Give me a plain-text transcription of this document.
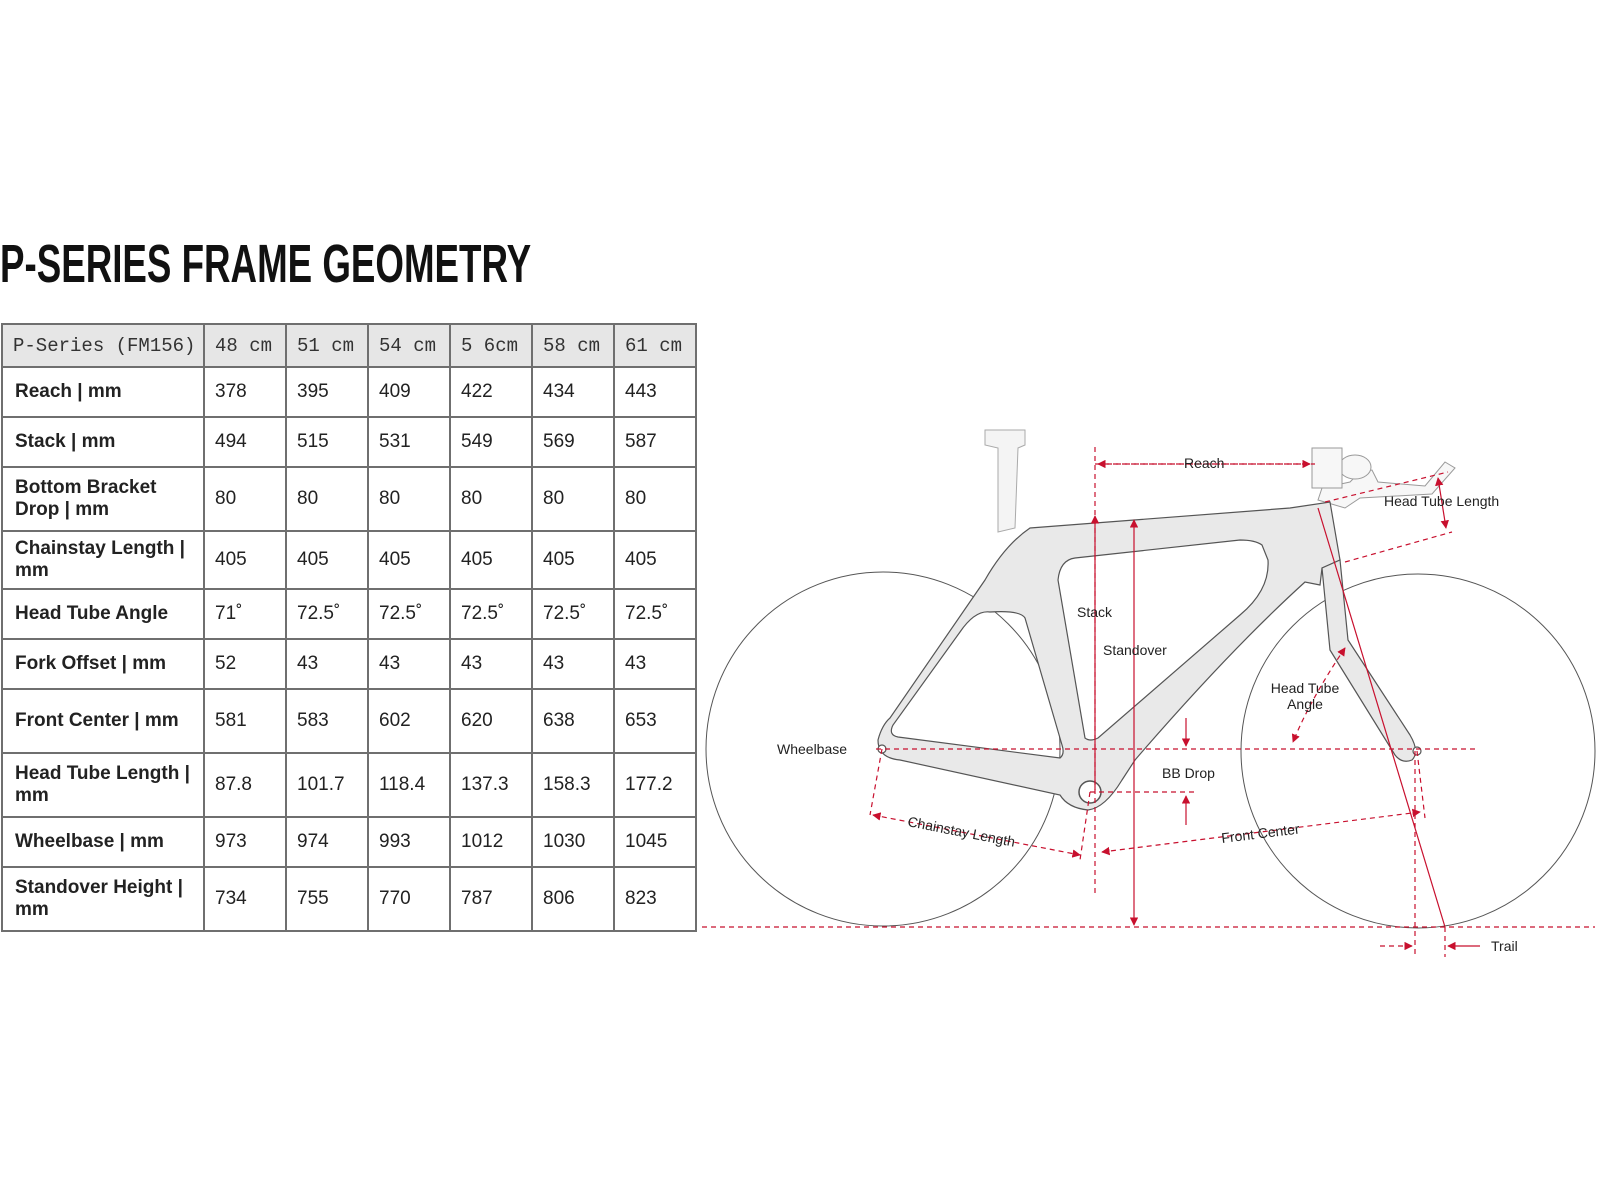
P-SERIES FRAME GEOMETRY
P-Series (FM156)	48 cm	51 cm	54 cm	5 6cm	58 cm	61 cm
Reach | mm	378	395	409	422	434	443
Stack | mm	494	515	531	549	569	587
Bottom Bracket Drop | mm	80	80	80	80	80	80
Chainstay Length | mm	405	405	405	405	405	405
Head Tube Angle	71˚	72.5˚	72.5˚	72.5˚	72.5˚	72.5˚
Fork Offset | mm	52	43	43	43	43	43
Front Center | mm	581	583	602	620	638	653
Head Tube Length | mm	87.8	101.7	118.4	137.3	158.3	177.2
Wheelbase | mm	973	974	993	1012	1030	1045
Standover Height | mm	734	755	770	787	806	823
Reach
Head Tube Length
Stack
Standover
Head Tube
Angle
Wheelbase
BB Drop
Chainstay Length	Front Center
Trail
